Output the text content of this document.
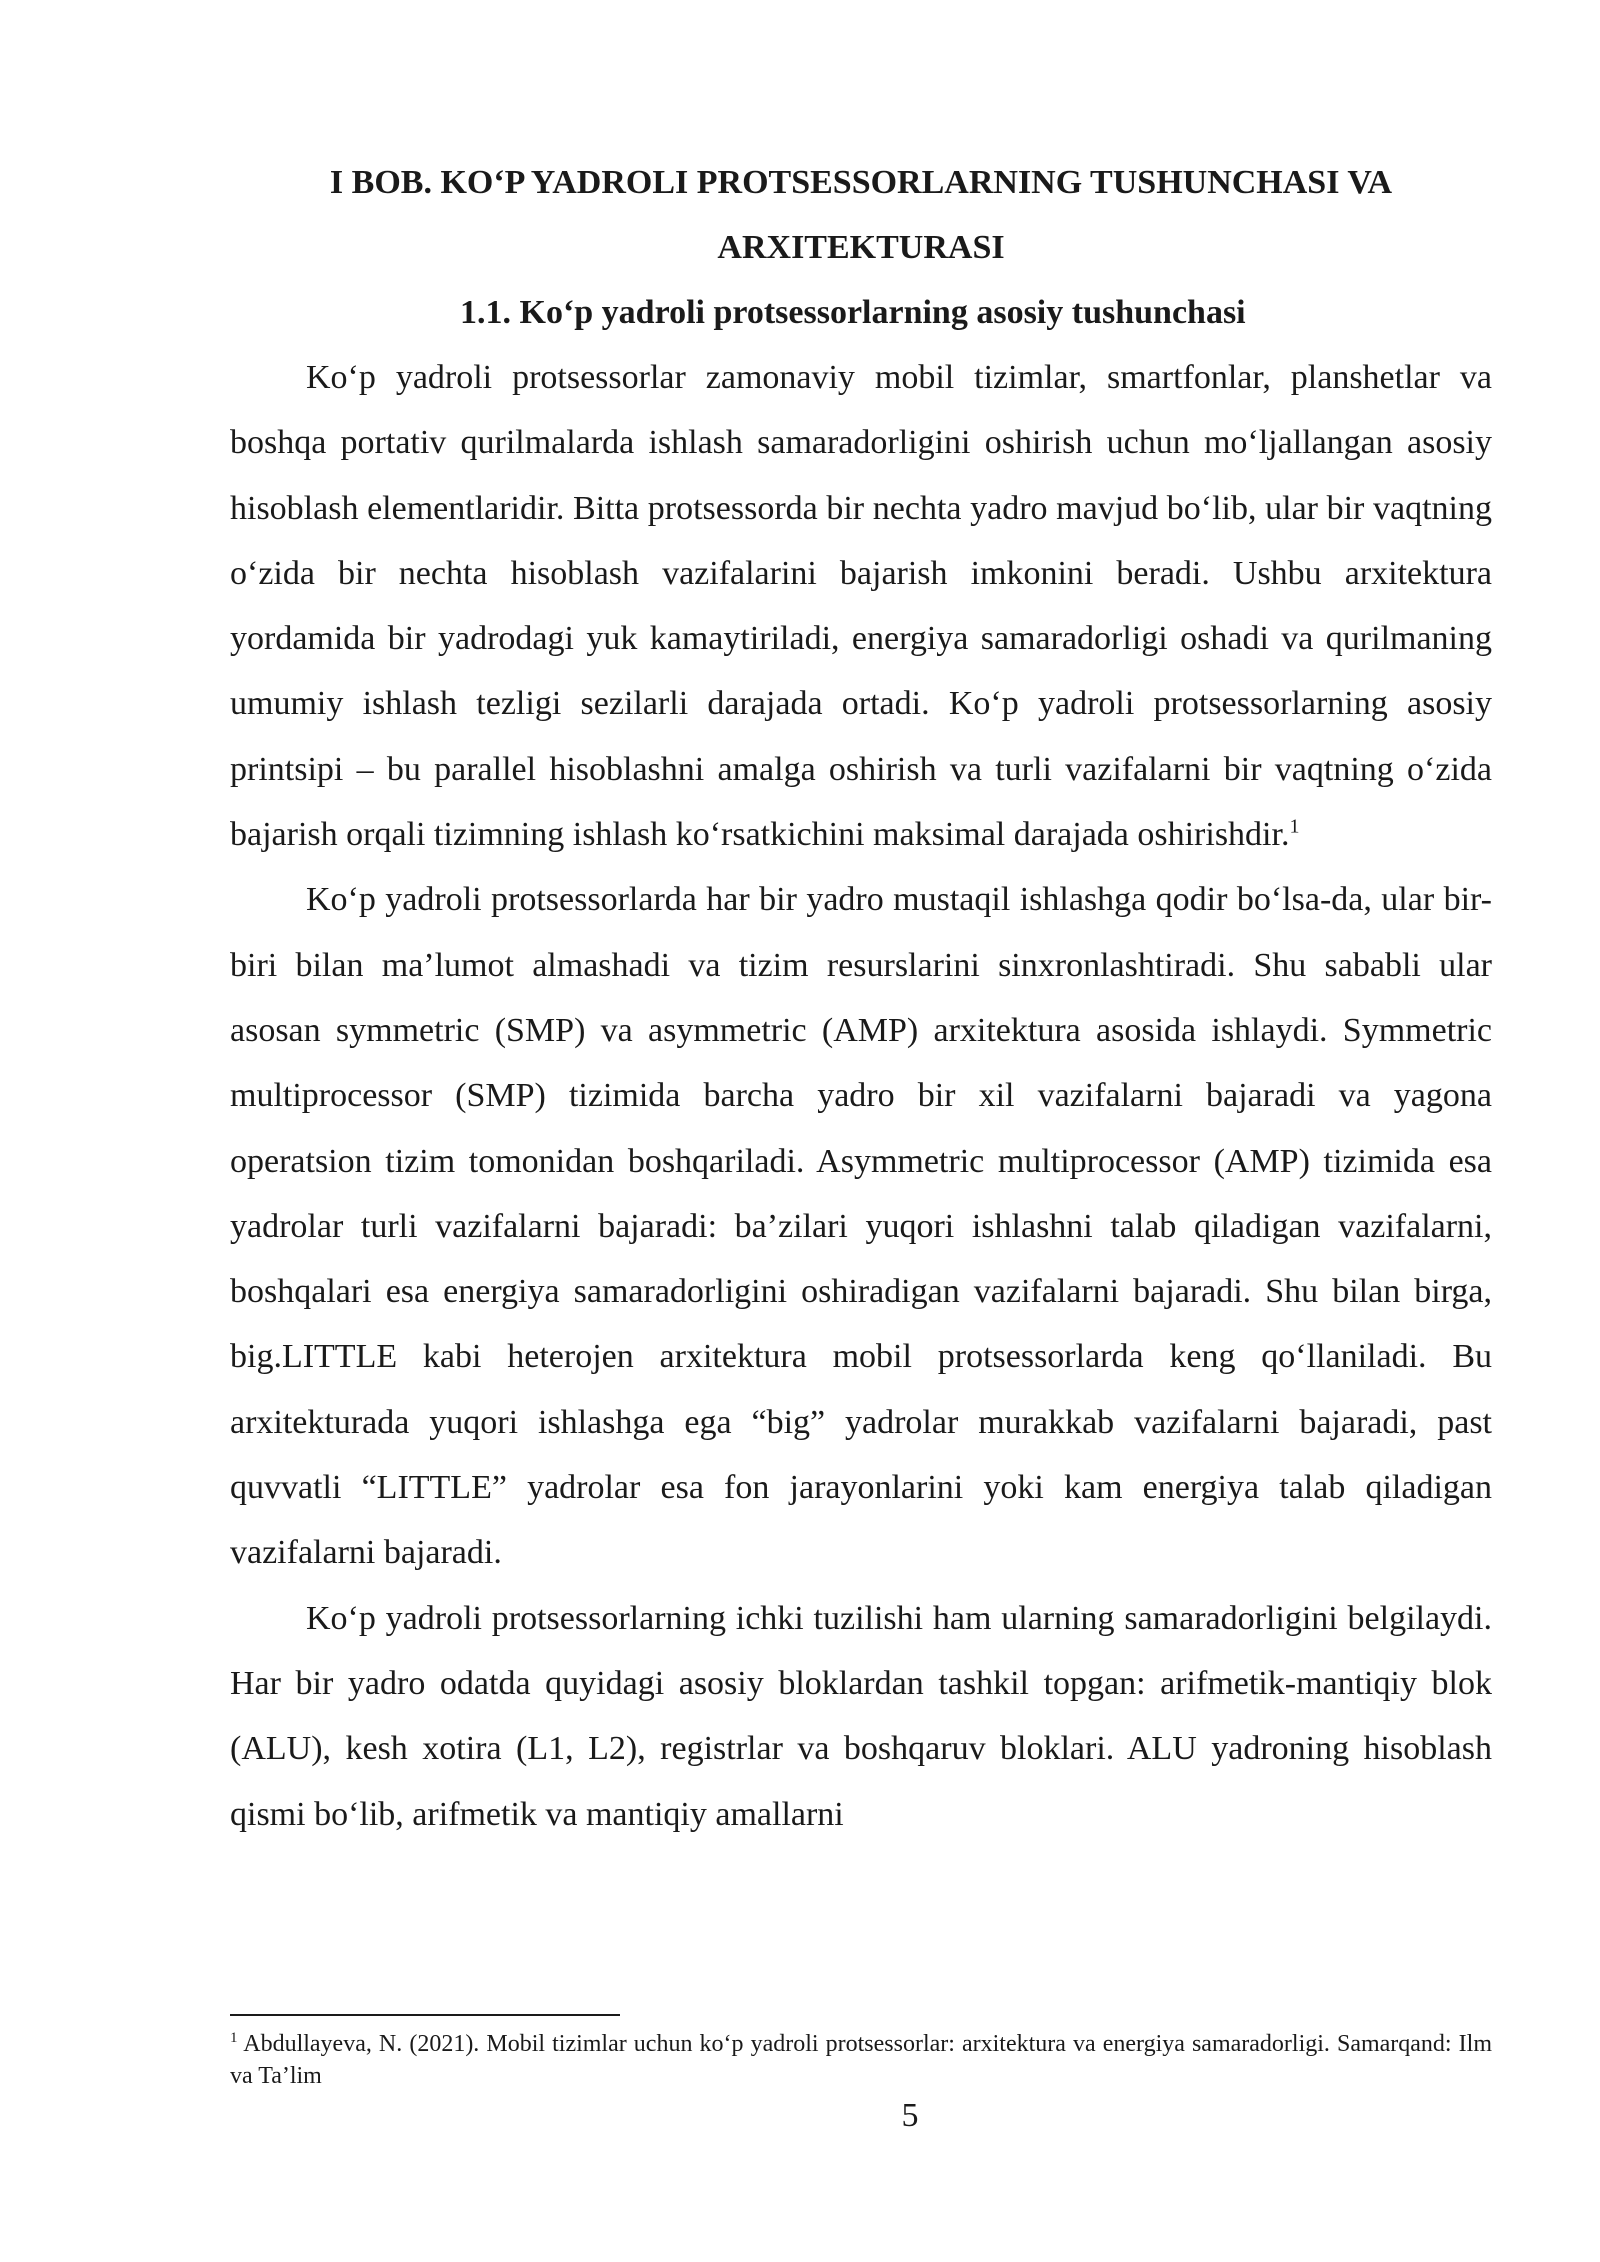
I BOB. KO‘P YADROLI PROTSESSORLARNING TUSHUNCHASI VA
ARXITEKTURASI
1.1. Ko‘p yadroli protsessorlarning asosiy tushunchasi

Ko‘p yadroli protsessorlar zamonaviy mobil tizimlar, smartfonlar, planshetlar va boshqa portativ qurilmalarda ishlash samaradorligini oshirish uchun mo‘ljallangan asosiy hisoblash elementlaridir. Bitta protsessorda bir nechta yadro mavjud bo‘lib, ular bir vaqtning o‘zida bir nechta hisoblash vazifalarini bajarish imkonini beradi. Ushbu arxitektura yordamida bir yadrodagi yuk kamaytiriladi, energiya samaradorligi oshadi va qurilmaning umumiy ishlash tezligi sezilarli darajada ortadi. Ko‘p yadroli protsessorlarning asosiy printsipi – bu parallel hisoblashni amalga oshirish va turli vazifalarni bir vaqtning o‘zida bajarish orqali tizimning ishlash ko‘rsatkichini maksimal darajada oshirishdir.$^1$

Ko‘p yadroli protsessorlarda har bir yadro mustaqil ishlashga qodir bo‘lsa-da, ular bir-biri bilan ma’lumot almashadi va tizim resurslarini sinxronlashtiradi. Shu sababli ular asosan symmetric (SMP) va asymmetric (AMP) arxitektura asosida ishlaydi. Symmetric multiprocessor (SMP) tizimida barcha yadro bir xil vazifalarni bajaradi va yagona operatsion tizim tomonidan boshqariladi. Asymmetric multiprocessor (AMP) tizimida esa yadrolar turli vazifalarni bajaradi: ba’zilari yuqori ishlashni talab qiladigan vazifalarni, boshqalari esa energiya samaradorligini oshiradigan vazifalarni bajaradi. Shu bilan birga, big.LITTLE kabi heterojen arxitektura mobil protsessorlarda keng qo‘llaniladi. Bu arxitekturada yuqori ishlashga ega “big” yadrolar murakkab vazifalarni bajaradi, past quvvatli “LITTLE” yadrolar esa fon jarayonlarini yoki kam energiya talab qiladigan vazifalarni bajaradi.

Ko‘p yadroli protsessorlarning ichki tuzilishi ham ularning samaradorligini belgilaydi. Har bir yadro odatda quyidagi asosiy bloklardan tashkil topgan: arifmetik-mantiqiy blok (ALU), kesh xotira (L1, L2), registrlar va boshqaruv bloklari. ALU yadroning hisoblash qismi bo‘lib, arifmetik va mantiqiy amallarni

$^1$ Abdullayeva, N. (2021). Mobil tizimlar uchun ko‘p yadroli protsessorlar: arxitektura va energiya samaradorligi. Samarqand: Ilm va Ta’lim

5
